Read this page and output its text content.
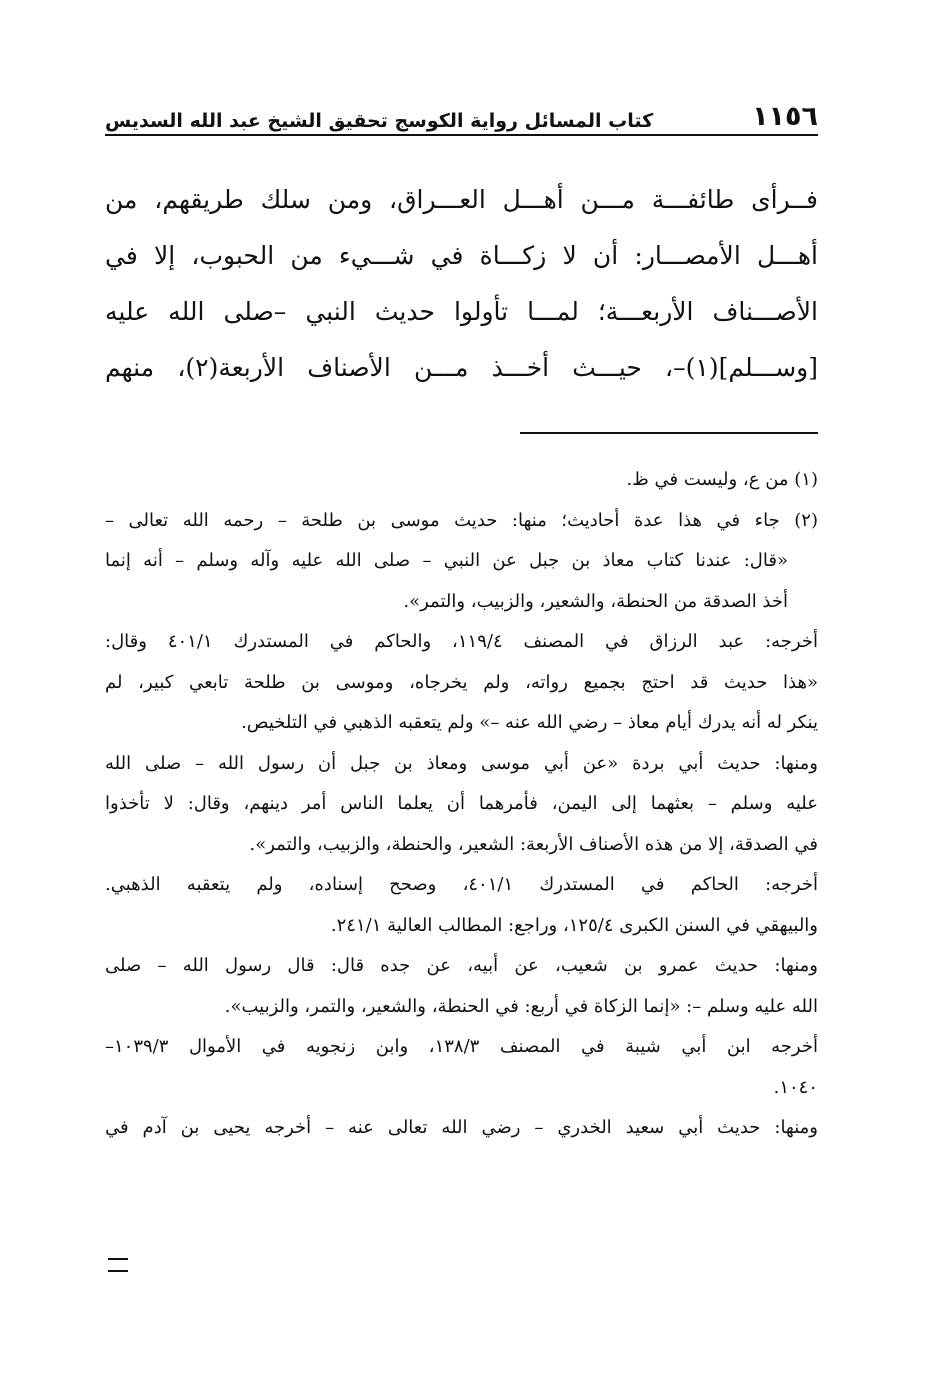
١١٥٦
كتاب المسائل رواية الكوسج تحقيق الشيخ عبد الله السديس
فــرأى طائفـــة مـــن أهـــل العـــراق، ومن سلك طريقهم، من
أهـــل الأمصـــار: أن لا زكـــاة في شـــيء من الحبوب، إلا في
الأصـــناف الأربعـــة؛ لمـــا تأولوا حديث النبي –صلى الله عليه
[وســـلم](١)–، حيـــث أخـــذ مـــن الأصناف الأربعة(٢)، منهم
(١) من ع، وليست في ظ.
(٢) جاء في هذا عدة أحاديث؛ منها: حديث موسى بن طلحة – رحمه الله تعالى –
«قال: عندنا كتاب معاذ بن جبل عن النبي – صلى الله عليه وآله وسلم – أنه إنما
أخذ الصدقة من الحنطة، والشعير، والزبيب، والتمر».
أخرجه: عبد الرزاق في المصنف ١١٩/٤، والحاكم في المستدرك ٤٠١/١ وقال:
«هذا حديث قد احتج بجميع رواته، ولم يخرجاه، وموسى بن طلحة تابعي كبير، لم
ينكر له أنه يدرك أيام معاذ – رضي الله عنه –» ولم يتعقبه الذهبي في التلخيص.
ومنها: حديث أبي بردة «عن أبي موسى ومعاذ بن جبل أن رسول الله – صلى الله
عليه وسلم – بعثهما إلى اليمن، فأمرهما أن يعلما الناس أمر دينهم، وقال: لا تأخذوا
في الصدقة، إلا من هذه الأصناف الأربعة: الشعير، والحنطة، والزبيب، والتمر».
أخرجه: الحاكم في المستدرك ٤٠١/١، وصحح إسناده، ولم يتعقبه الذهبي.
والبيهقي في السنن الكبرى ١٢٥/٤، وراجع: المطالب العالية ٢٤١/١.
ومنها: حديث عمرو بن شعيب، عن أبيه، عن جده قال: قال رسول الله – صلى
الله عليه وسلم –: «إنما الزكاة في أربع: في الحنطة، والشعير، والتمر، والزبيب».
أخرجه ابن أبي شيبة في المصنف ١٣٨/٣، وابن زنجويه في الأموال ١٠٣٩/٣–
١٠٤٠.
ومنها: حديث أبي سعيد الخدري – رضي الله تعالى عنه – أخرجه يحيى بن آدم في
